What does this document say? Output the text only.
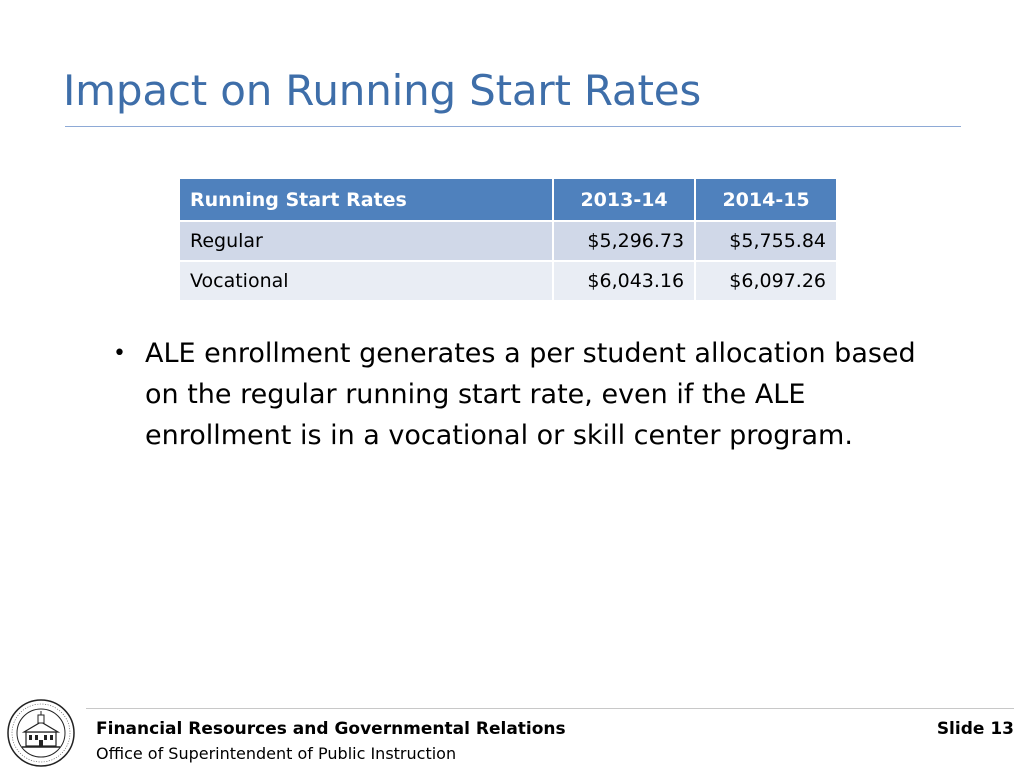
Impact on Running Start Rates
Running Start Rates	2013-14	2014-15
Regular	$5,296.73	$5,755.84
Vocational	$6,043.16	$6,097.26
• ALE enrollment generates a per student allocation based on the regular running start rate, even if the ALE enrollment is in a vocational or skill center program.
Financial Resources and Governmental Relations
Office of Superintendent of Public Instruction
Slide 13
